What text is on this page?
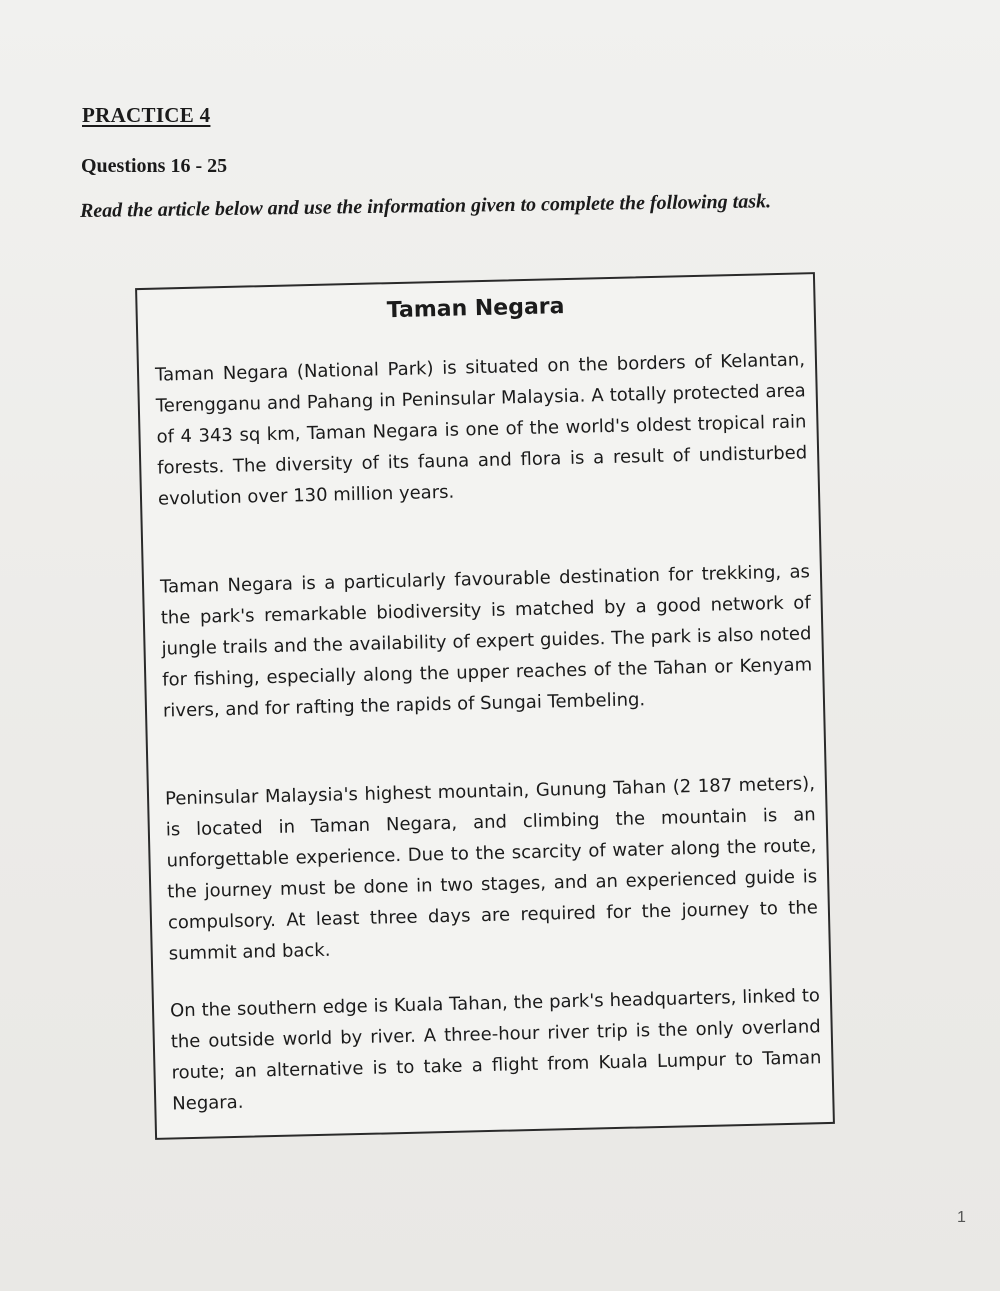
PRACTICE 4
Questions 16 - 25
Read the article below and use the information given to complete the following task.
Taman Negara

Taman Negara (National Park) is situated on the borders of Kelantan, Terengganu and Pahang in Peninsular Malaysia. A totally protected area of 4 343 sq km, Taman Negara is one of the world's oldest tropical rain forests. The diversity of its fauna and flora is a result of undisturbed evolution over 130 million years.

Taman Negara is a particularly favourable destination for trekking, as the park's remarkable biodiversity is matched by a good network of jungle trails and the availability of expert guides. The park is also noted for fishing, especially along the upper reaches of the Tahan or Kenyam rivers, and for rafting the rapids of Sungai Tembeling.

Peninsular Malaysia's highest mountain, Gunung Tahan (2 187 meters), is located in Taman Negara, and climbing the mountain is an unforgettable experience. Due to the scarcity of water along the route, the journey must be done in two stages, and an experienced guide is compulsory. At least three days are required for the journey to the summit and back.

On the southern edge is Kuala Tahan, the park's headquarters, linked to the outside world by river. A three-hour river trip is the only overland route; an alternative is to take a flight from Kuala Lumpur to Taman Negara.

1
